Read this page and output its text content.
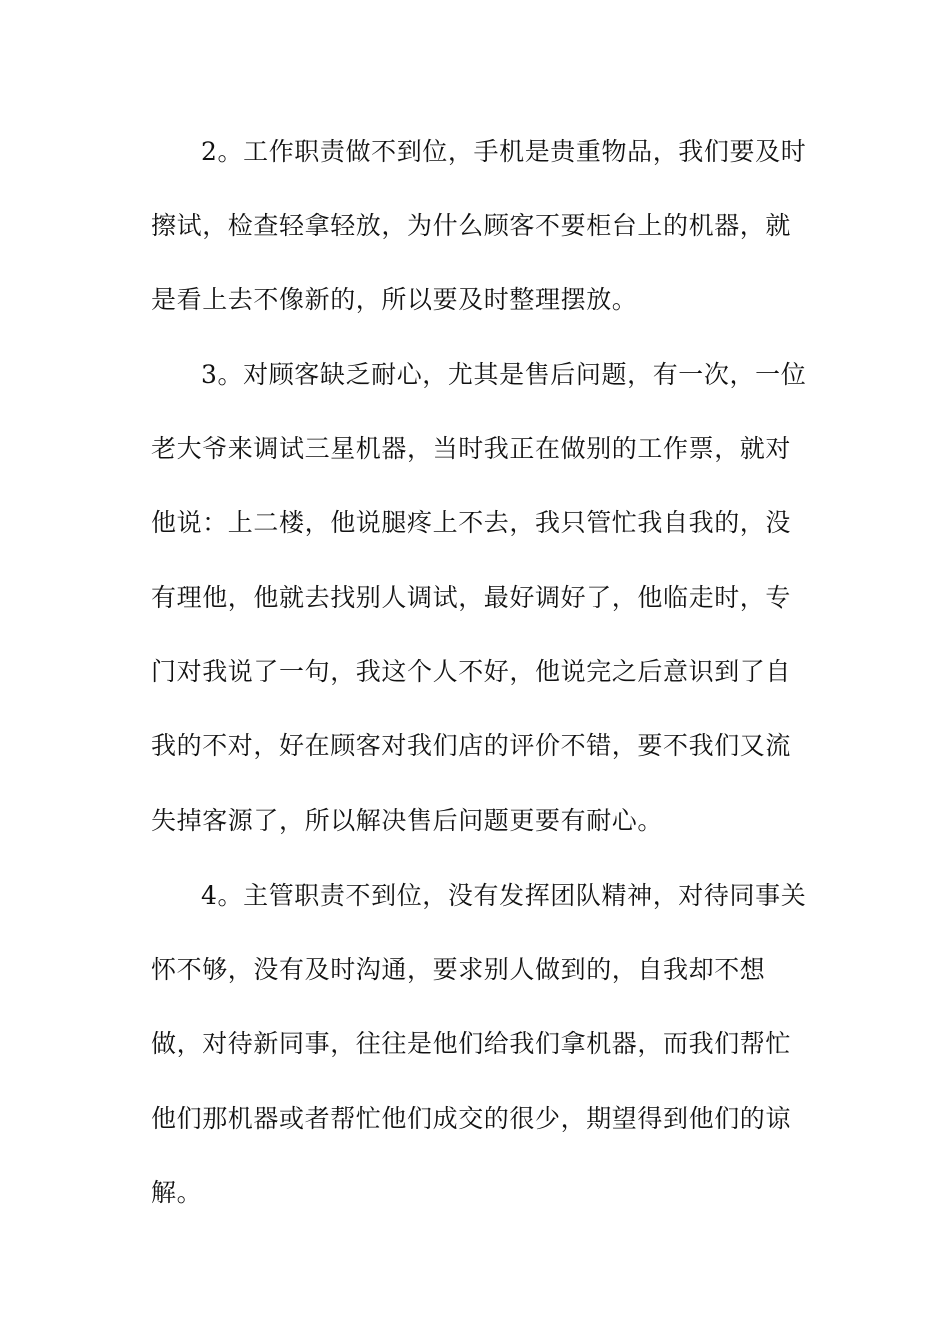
2。工作职责做不到位，手机是贵重物品，我们要及时

擦试，检查轻拿轻放，为什么顾客不要柜台上的机器，就

是看上去不像新的，所以要及时整理摆放。

3。对顾客缺乏耐心，尤其是售后问题，有一次，一位

老大爷来调试三星机器，当时我正在做别的工作票，就对

他说：上二楼，他说腿疼上不去，我只管忙我自我的，没

有理他，他就去找别人调试，最好调好了，他临走时，专

门对我说了一句，我这个人不好，他说完之后意识到了自

我的不对，好在顾客对我们店的评价不错，要不我们又流

失掉客源了，所以解决售后问题更要有耐心。

4。主管职责不到位，没有发挥团队精神，对待同事关

怀不够，没有及时沟通，要求别人做到的，自我却不想

做，对待新同事，往往是他们给我们拿机器，而我们帮忙

他们那机器或者帮忙他们成交的很少，期望得到他们的谅

解。
